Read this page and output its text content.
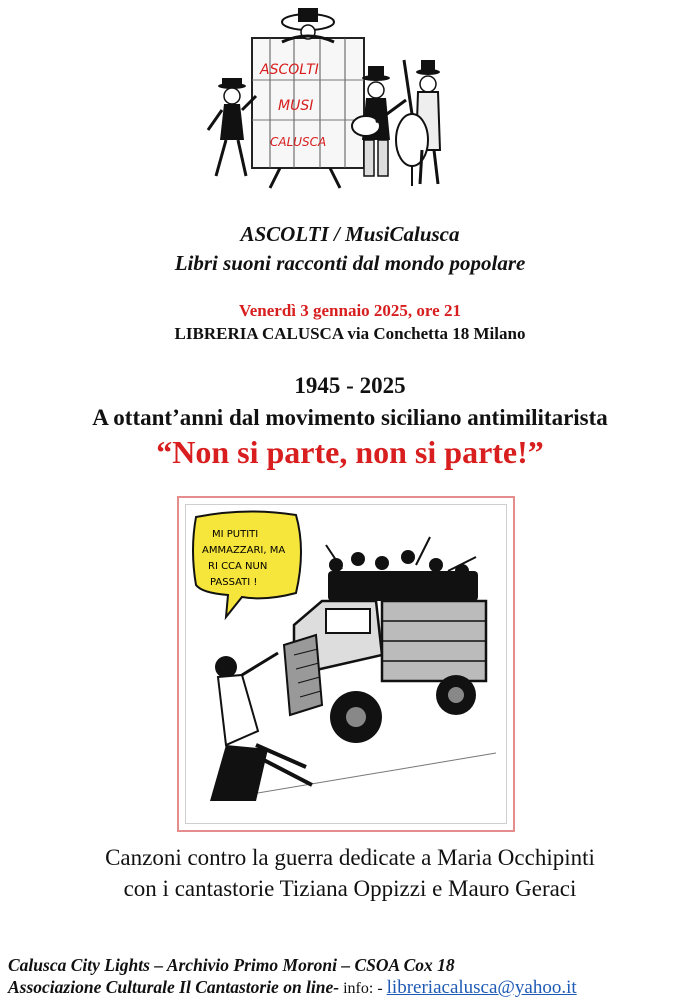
ASCOLTI
MUSI
CALUSCA
ASCOLTI / MusiCalusca
Libri suoni racconti dal mondo popolare
Venerdì 3 gennaio 2025, ore 21
LIBRERIA CALUSCA via Conchetta 18 Milano
1945 - 2025
A ottant’anni dal movimento siciliano antimilitarista
“Non si parte, non si parte!”
MI PUTITI
AMMAZZARI, MA
RI CCA NUN
PASSATI !
Canzoni contro la guerra dedicate a Maria Occhipinti
con i cantastorie Tiziana Oppizzi e Mauro Geraci
Calusca City Lights – Archivio Primo Moroni – CSOA Cox 18
Associazione Culturale Il Cantastorie on line- info: - libreriacalusca@yahoo.it
